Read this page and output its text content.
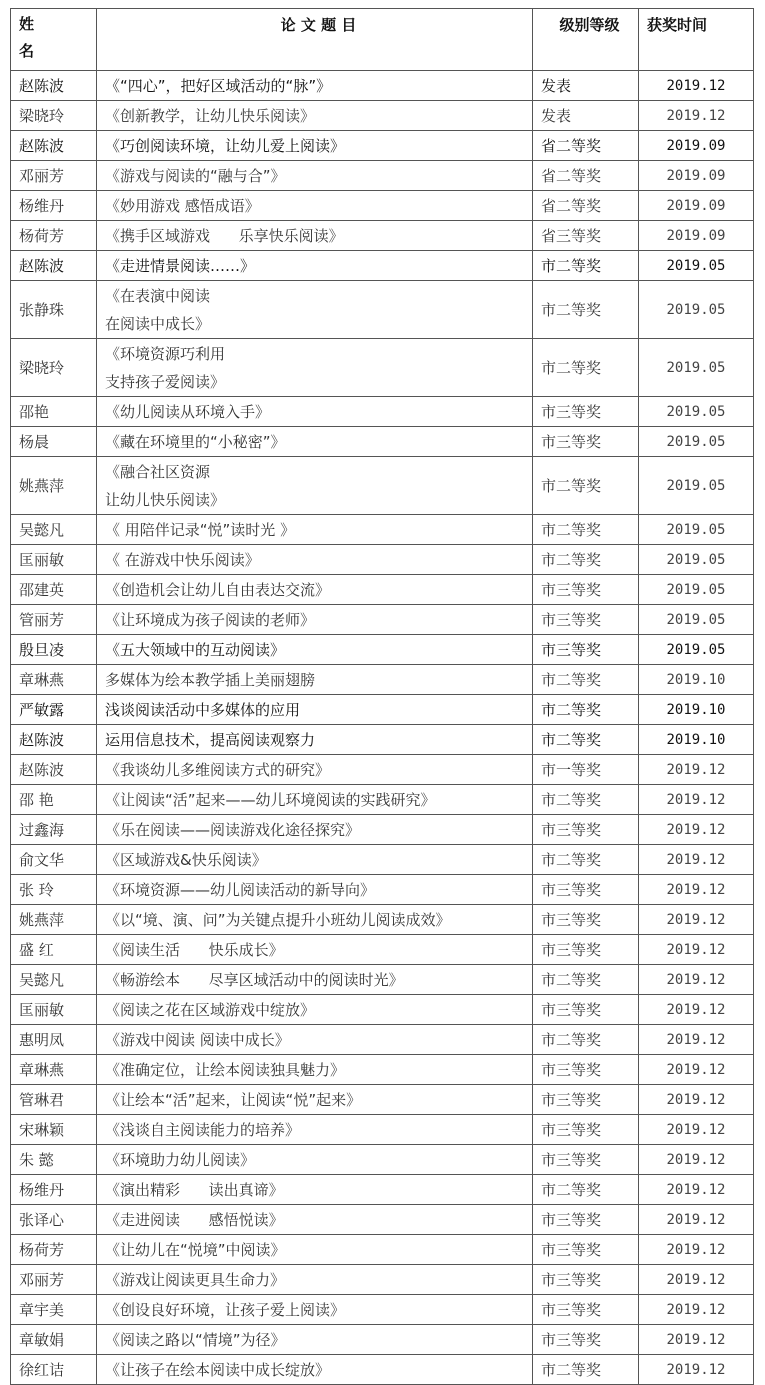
姓
名	论 文 题 目	级别等级	获奖时间
赵陈波	《“四心”，把好区域活动的“脉”》	发表	2019.12
梁晓玲	《创新教学，让幼儿快乐阅读》	发表	2019.12
赵陈波	《巧创阅读环境，让幼儿爱上阅读》	省二等奖	2019.09
邓丽芳	《游戏与阅读的“融与合”》	省二等奖	2019.09
杨维丹	《妙用游戏 感悟成语》	省二等奖	2019.09
杨荷芳	《携手区域游戏      乐享快乐阅读》	省三等奖	2019.09
赵陈波	《走进情景阅读……》	市二等奖	2019.05
张静珠	《在表演中阅读
在阅读中成长》	市二等奖	2019.05
梁晓玲	《环境资源巧利用
支持孩子爱阅读》	市二等奖	2019.05
邵艳	《幼儿阅读从环境入手》	市三等奖	2019.05
杨晨	《藏在环境里的“小秘密”》	市三等奖	2019.05
姚燕萍	《融合社区资源
让幼儿快乐阅读》	市二等奖	2019.05
吴懿凡	《 用陪伴记录“悦”读时光 》	市二等奖	2019.05
匡丽敏	《 在游戏中快乐阅读》	市二等奖	2019.05
邵建英	《创造机会让幼儿自由表达交流》	市三等奖	2019.05
管丽芳	《让环境成为孩子阅读的老师》	市三等奖	2019.05
殷旦凌	《五大领域中的互动阅读》	市三等奖	2019.05
章琳燕	多媒体为绘本教学插上美丽翅膀	市二等奖	2019.10
严敏露	浅谈阅读活动中多媒体的应用	市二等奖	2019.10
赵陈波	运用信息技术，提高阅读观察力	市二等奖	2019.10
赵陈波	《我谈幼儿多维阅读方式的研究》	市一等奖	2019.12
邵 艳	《让阅读“活”起来——幼儿环境阅读的实践研究》	市二等奖	2019.12
过鑫海	《乐在阅读——阅读游戏化途径探究》	市三等奖	2019.12
俞文华	《区域游戏&快乐阅读》	市二等奖	2019.12
张 玲	《环境资源——幼儿阅读活动的新导向》	市三等奖	2019.12
姚燕萍	《以“境、演、问”为关键点提升小班幼儿阅读成效》	市三等奖	2019.12
盛 红	《阅读生活      快乐成长》	市三等奖	2019.12
吴懿凡	《畅游绘本      尽享区域活动中的阅读时光》	市二等奖	2019.12
匡丽敏	《阅读之花在区域游戏中绽放》	市三等奖	2019.12
惠明凤	《游戏中阅读 阅读中成长》	市二等奖	2019.12
章琳燕	《准确定位，让绘本阅读独具魅力》	市三等奖	2019.12
管琳君	《让绘本“活”起来，让阅读“悦”起来》	市三等奖	2019.12
宋琳颖	《浅谈自主阅读能力的培养》	市三等奖	2019.12
朱 懿	《环境助力幼儿阅读》	市三等奖	2019.12
杨维丹	《演出精彩      读出真谛》	市二等奖	2019.12
张译心	《走进阅读      感悟悦读》	市三等奖	2019.12
杨荷芳	《让幼儿在“悦境”中阅读》	市三等奖	2019.12
邓丽芳	《游戏让阅读更具生命力》	市三等奖	2019.12
章宇美	《创设良好环境，让孩子爱上阅读》	市三等奖	2019.12
章敏娟	《阅读之路以“情境”为径》	市三等奖	2019.12
徐红诘	《让孩子在绘本阅读中成长绽放》	市二等奖	2019.12
